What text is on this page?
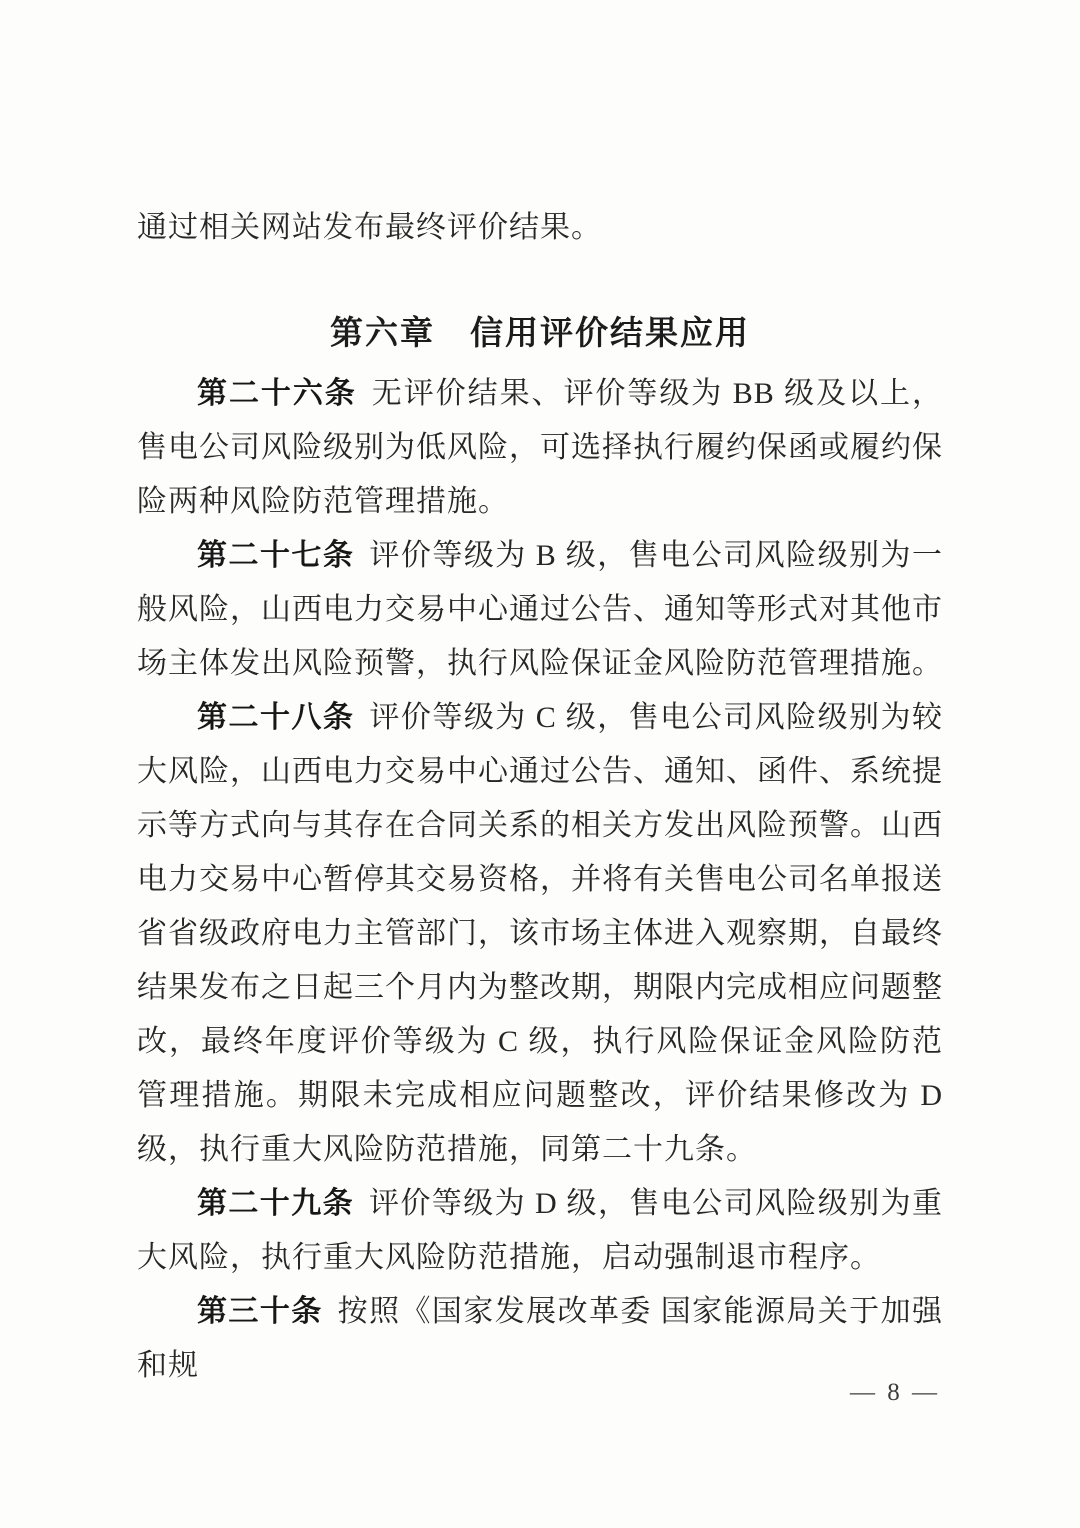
通过相关网站发布最终评价结果。

第六章　信用评价结果应用

第二十六条 无评价结果、评价等级为 BB 级及以上，售电公司风险级别为低风险，可选择执行履约保函或履约保险两种风险防范管理措施。

第二十七条 评价等级为 B 级，售电公司风险级别为一般风险，山西电力交易中心通过公告、通知等形式对其他市场主体发出风险预警，执行风险保证金风险防范管理措施。

第二十八条 评价等级为 C 级，售电公司风险级别为较大风险，山西电力交易中心通过公告、通知、函件、系统提示等方式向与其存在合同关系的相关方发出风险预警。山西电力交易中心暂停其交易资格，并将有关售电公司名单报送省省级政府电力主管部门，该市场主体进入观察期，自最终结果发布之日起三个月内为整改期，期限内完成相应问题整改，最终年度评价等级为 C 级，执行风险保证金风险防范管理措施。期限未完成相应问题整改，评价结果修改为 D 级，执行重大风险防范措施，同第二十九条。

第二十九条 评价等级为 D 级，售电公司风险级别为重大风险，执行重大风险防范措施，启动强制退市程序。

第三十条 按照《国家发展改革委 国家能源局关于加强和规

— 8 —
